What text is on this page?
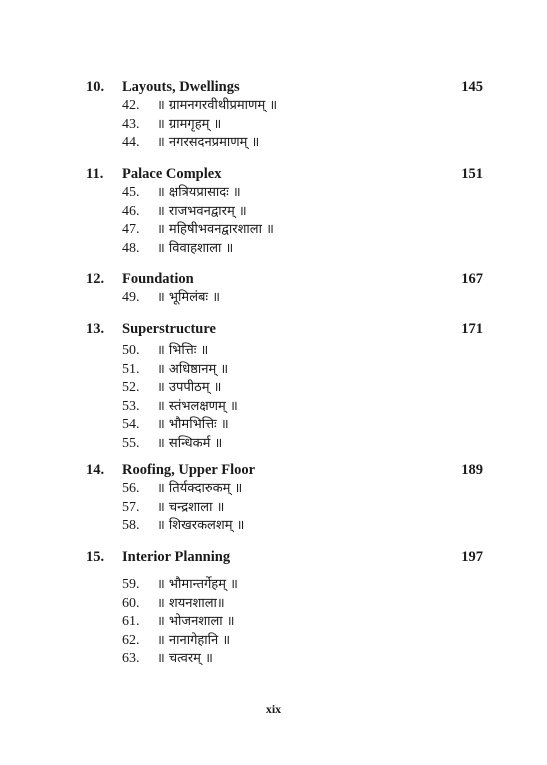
10. Layouts, Dwellings	145
42. ॥ ग्रामनगरवीथीप्रमाणम् ॥
43. ॥ ग्रामगृहम् ॥
44. ॥ नगरसदनप्रमाणम् ॥
11. Palace Complex	151
45. ॥ क्षत्रियप्रासादः ॥
46. ॥ राजभवनद्वारम् ॥
47. ॥ महिषीभवनद्वारशाला ॥
48. ॥ विवाहशाला ॥
12. Foundation	167
49. ॥ भूमिलंबः ॥
13. Superstructure	171
50. ॥ भित्तिः ॥
51. ॥ अधिष्ठानम् ॥
52. ॥ उपपीठम् ॥
53. ॥ स्तंभलक्षणम् ॥
54. ॥ भौमभित्तिः ॥
55. ॥ सन्धिकर्म ॥
14. Roofing, Upper Floor	189
56. ॥ तिर्यक्दारुकम् ॥
57. ॥ चन्द्रशाला ॥
58. ॥ शिखरकलशम् ॥
15. Interior Planning	197
59. ॥ भौमान्तर्गेहम् ॥
60. ॥ शयनशाला॥
61. ॥ भोजनशाला ॥
62. ॥ नानागेहानि ॥
63. ॥ चत्वरम् ॥
xix
